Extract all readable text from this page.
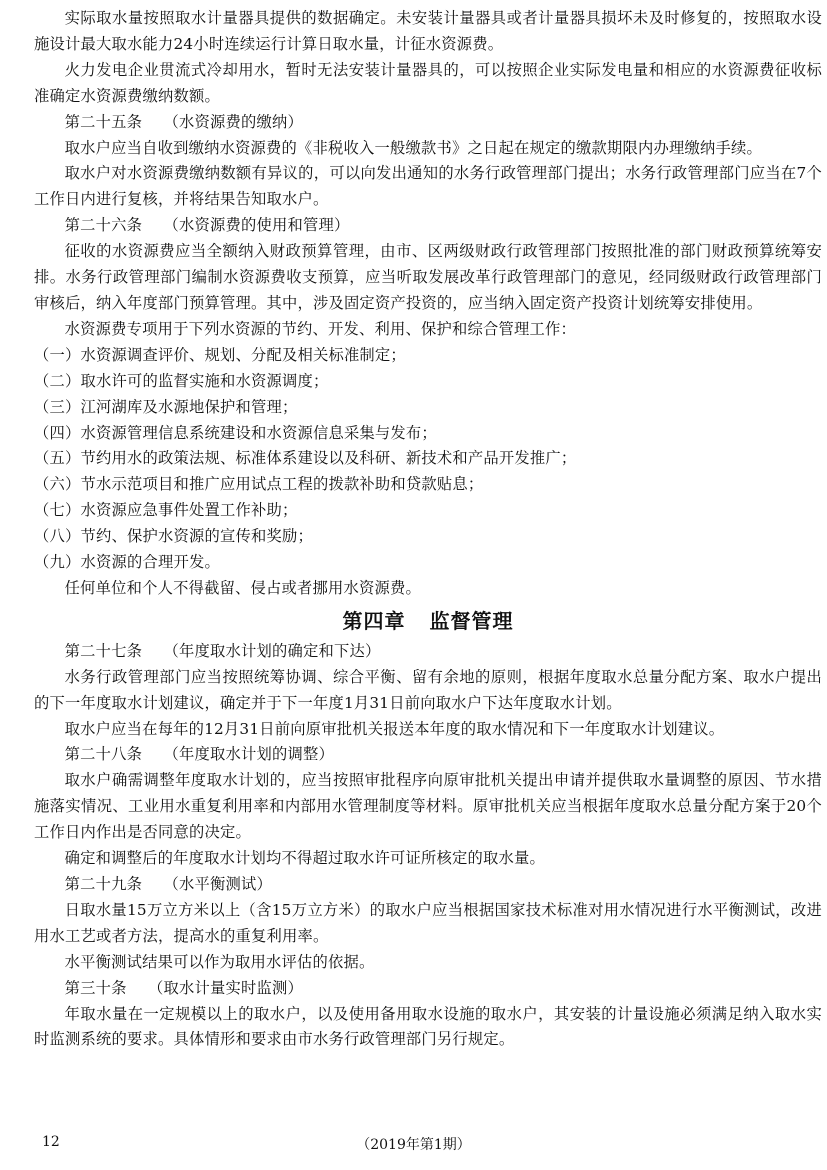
实际取水量按照取水计量器具提供的数据确定。未安装计量器具或者计量器具损坏未及时修复的，按照取水设施设计最大取水能力24小时连续运行计算日取水量，计征水资源费。

火力发电企业贯流式冷却用水，暂时无法安装计量器具的，可以按照企业实际发电量和相应的水资源费征收标准确定水资源费缴纳数额。

第二十五条 （水资源费的缴纳）

取水户应当自收到缴纳水资源费的《非税收入一般缴款书》之日起在规定的缴款期限内办理缴纳手续。

取水户对水资源费缴纳数额有异议的，可以向发出通知的水务行政管理部门提出；水务行政管理部门应当在7个工作日内进行复核，并将结果告知取水户。

第二十六条 （水资源费的使用和管理）

征收的水资源费应当全额纳入财政预算管理，由市、区两级财政行政管理部门按照批准的部门财政预算统筹安排。水务行政管理部门编制水资源费收支预算，应当听取发展改革行政管理部门的意见，经同级财政行政管理部门审核后，纳入年度部门预算管理。其中，涉及固定资产投资的，应当纳入固定资产投资计划统筹安排使用。

水资源费专项用于下列水资源的节约、开发、利用、保护和综合管理工作：

（一）水资源调查评价、规划、分配及相关标准制定；

（二）取水许可的监督实施和水资源调度；

（三）江河湖库及水源地保护和管理；

（四）水资源管理信息系统建设和水资源信息采集与发布；

（五）节约用水的政策法规、标准体系建设以及科研、新技术和产品开发推广；

（六）节水示范项目和推广应用试点工程的拨款补助和贷款贴息；

（七）水资源应急事件处置工作补助；

（八）节约、保护水资源的宣传和奖励；

（九）水资源的合理开发。

任何单位和个人不得截留、侵占或者挪用水资源费。

第四章 监督管理

第二十七条 （年度取水计划的确定和下达）

水务行政管理部门应当按照统筹协调、综合平衡、留有余地的原则，根据年度取水总量分配方案、取水户提出的下一年度取水计划建议，确定并于下一年度1月31日前向取水户下达年度取水计划。

取水户应当在每年的12月31日前向原审批机关报送本年度的取水情况和下一年度取水计划建议。

第二十八条 （年度取水计划的调整）

取水户确需调整年度取水计划的，应当按照审批程序向原审批机关提出申请并提供取水量调整的原因、节水措施落实情况、工业用水重复利用率和内部用水管理制度等材料。原审批机关应当根据年度取水总量分配方案于20个工作日内作出是否同意的决定。

确定和调整后的年度取水计划均不得超过取水许可证所核定的取水量。

第二十九条 （水平衡测试）

日取水量15万立方米以上（含15万立方米）的取水户应当根据国家技术标准对用水情况进行水平衡测试，改进用水工艺或者方法，提高水的重复利用率。

水平衡测试结果可以作为取用水评估的依据。

第三十条 （取水计量实时监测）

年取水量在一定规模以上的取水户，以及使用备用取水设施的取水户，其安装的计量设施必须满足纳入取水实时监测系统的要求。具体情形和要求由市水务行政管理部门另行规定。

12	（2019年第1期）
